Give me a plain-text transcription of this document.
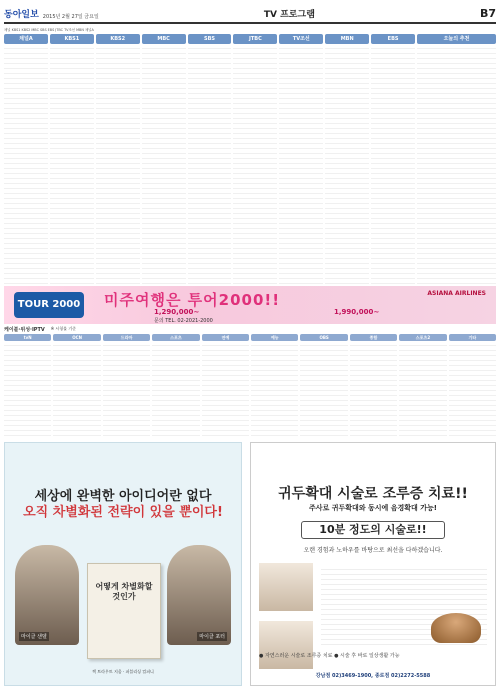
동아일보 2015년 2월 27일 금요일	TV 프로그램	B7
채널 KBS1 KBS2 MBC SBS EBS JTBC TV조선 MBN 채널A
채널A	KBS1	KBS2	MBC	SBS	JTBC	TV조선	MBN	EBS	오늘의 추천
TOUR 2000 미주여행은 투어2000!!	ASIANA AIRLINES
1,290,000~	1,990,000~
문의 TEL. 02-2021-2000
케이블·위성·IPTV ※ 시청률 기준
tvN	OCN	드라마	스포츠	연예	예능	OBS	종합	스포츠2	기타
세상에 완벽한 아이디어란 없다
오직 차별화된 전략이 있을 뿐이다!
어떻게 차별화할 것인가
마이클 샌델	마이클 포터
잭 트라우트 지음 · 퍼블리싱 컴퍼니
귀두확대 시술로 조루증 치료!!
주사로 귀두확대와 동시에 음경확대 가능!
10분 정도의 시술로!!
오랜 경험과 노하우를 바탕으로 최선을 다하겠습니다.
● 자연스러운 시술로 조루증 치료 ● 시술 후 바로 일상생활 가능
강남점 02)3469-1900, 종로점 02)2272-5588
